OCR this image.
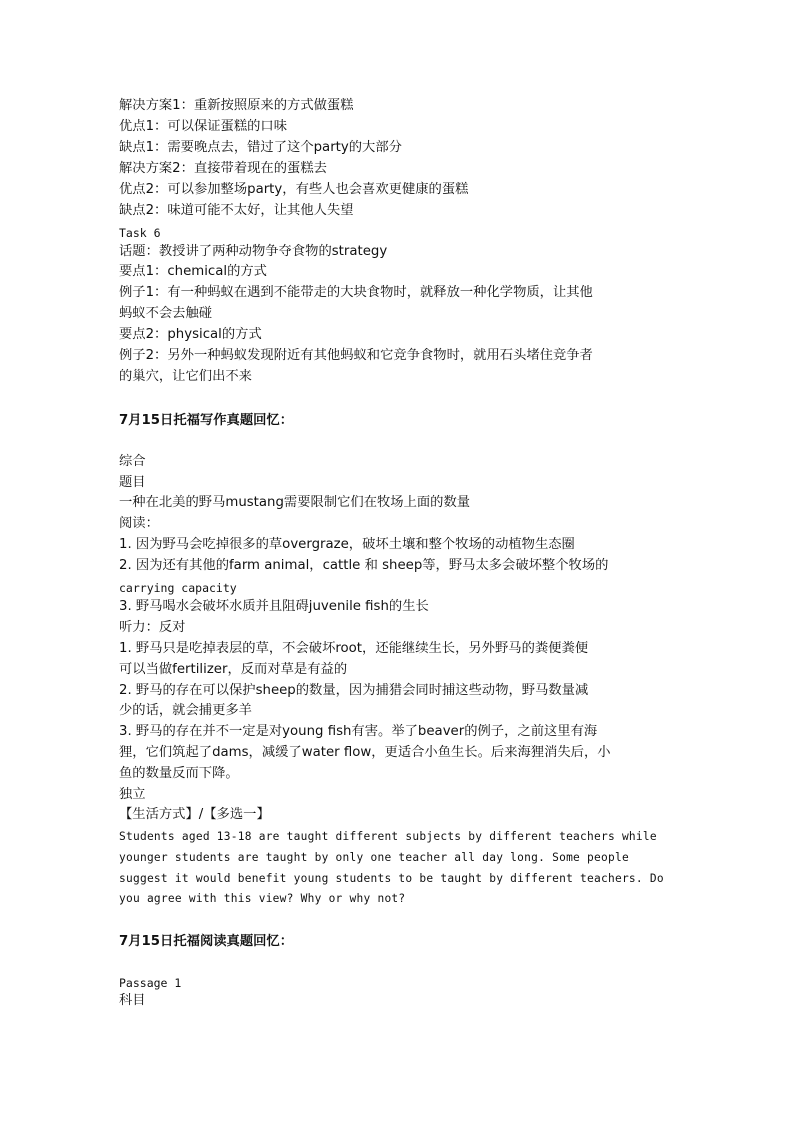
解决方案1：重新按照原来的方式做蛋糕

优点1：可以保证蛋糕的口味

缺点1：需要晚点去，错过了这个party的大部分

解决方案2：直接带着现在的蛋糕去

优点2：可以参加整场party，有些人也会喜欢更健康的蛋糕

缺点2：味道可能不太好，让其他人失望

Task 6

话题：教授讲了两种动物争夺食物的strategy

要点1：chemical的方式

例子1：有一种蚂蚁在遇到不能带走的大块食物时，就释放一种化学物质，让其他

蚂蚁不会去触碰

要点2：physical的方式

例子2：另外一种蚂蚁发现附近有其他蚂蚁和它竞争食物时，就用石头堵住竞争者

的巢穴，让它们出不来

7月15日托福写作真题回忆：

综合

题目

一种在北美的野马mustang需要限制它们在牧场上面的数量

阅读：

1. 因为野马会吃掉很多的草overgraze，破坏土壤和整个牧场的动植物生态圈

2. 因为还有其他的farm animal，cattle 和 sheep等，野马太多会破坏整个牧场的

carrying capacity

3. 野马喝水会破坏水质并且阻碍juvenile fish的生长

听力：反对

1. 野马只是吃掉表层的草，不会破坏root，还能继续生长，另外野马的粪便粪便

可以当做fertilizer，反而对草是有益的

2. 野马的存在可以保护sheep的数量，因为捕猎会同时捕这些动物，野马数量减

少的话，就会捕更多羊

3. 野马的存在并不一定是对young fish有害。举了beaver的例子，之前这里有海

狸，它们筑起了dams，减缓了water flow，更适合小鱼生长。后来海狸消失后，小

鱼的数量反而下降。

独立

【生活方式】/【多选一】

Students aged 13-18 are taught different subjects by different teachers while

younger students are taught by only one teacher all day long. Some people

suggest it would benefit young students to be taught by different teachers. Do

you agree with this view? Why or why not?

7月15日托福阅读真题回忆：

Passage 1

科目
